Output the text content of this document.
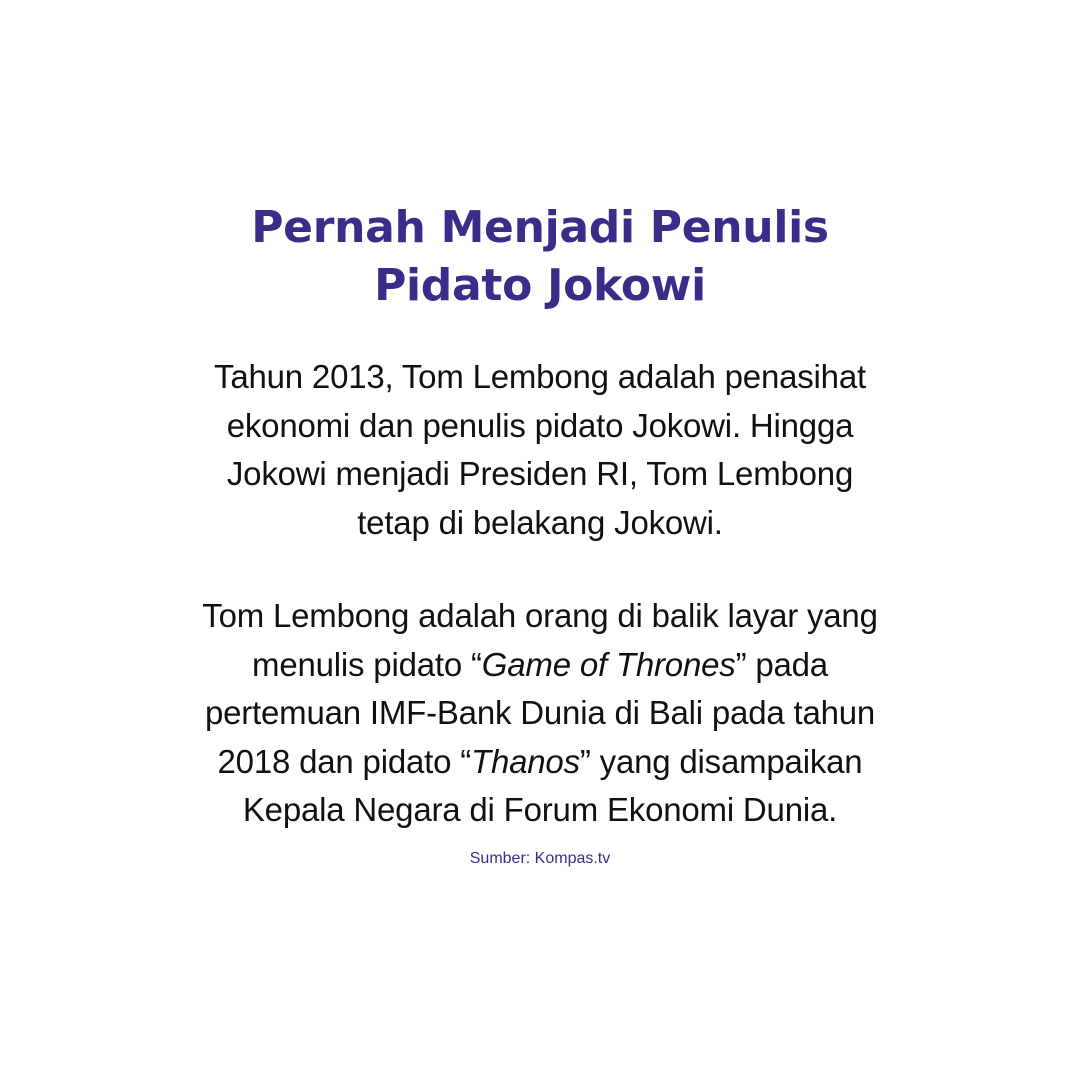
Pernah Menjadi Penulis
Pidato Jokowi
Tahun 2013, Tom Lembong adalah penasihat
ekonomi dan penulis pidato Jokowi. Hingga
Jokowi menjadi Presiden RI, Tom Lembong
tetap di belakang Jokowi.
Tom Lembong adalah orang di balik layar yang
menulis pidato “Game of Thrones” pada
pertemuan IMF-Bank Dunia di Bali pada tahun
2018 dan pidato “Thanos” yang disampaikan
Kepala Negara di Forum Ekonomi Dunia.

Sumber: Kompas.tv
